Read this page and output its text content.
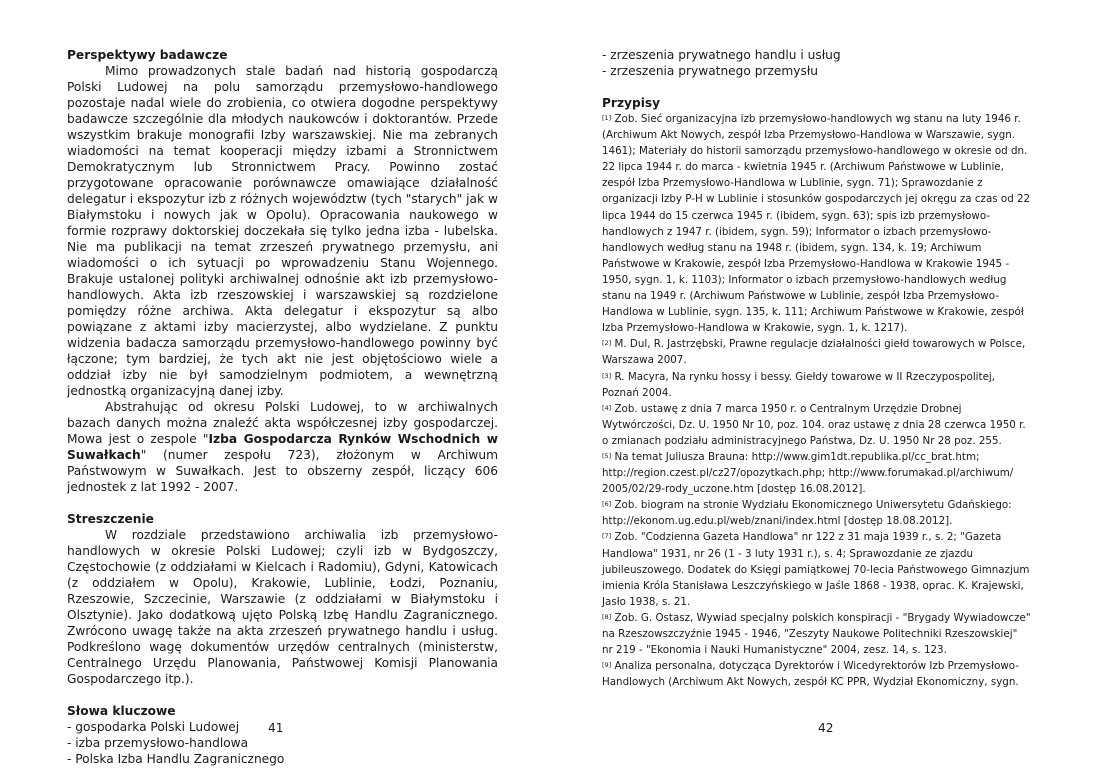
Perspektywy badawcze

Mimo prowadzonych stale badań nad historią gospodarczą Polski Ludowej na polu samorządu przemysłowo-handlowego pozostaje nadal wiele do zrobienia, co otwiera dogodne perspektywy badawcze szczególnie dla młodych naukowców i doktorantów. Przede wszystkim brakuje monografii Izby warszawskiej. Nie ma zebranych wiadomości na temat kooperacji między izbami a Stronnictwem Demokratycznym lub Stronnictwem Pracy. Powinno zostać przygotowane opracowanie porównawcze omawiające działalność delegatur i ekspozytur izb z różnych województw (tych "starych" jak w Białymstoku i nowych jak w Opolu). Opracowania naukowego w formie rozprawy doktorskiej doczekała się tylko jedna izba - lubelska. Nie ma publikacji na temat zrzeszeń prywatnego przemysłu, ani wiadomości o ich sytuacji po wprowadzeniu Stanu Wojennego. Brakuje ustalonej polityki archiwalnej odnośnie akt izb przemysłowo-handlowych. Akta izb rzeszowskiej i warszawskiej są rozdzielone pomiędzy różne archiwa. Akta delegatur i ekspozytur są albo powiązane z aktami izby macierzystej, albo wydzielane. Z punktu widzenia badacza samorządu przemysłowo-handlowego powinny być łączone; tym bardziej, że tych akt nie jest objętościowo wiele a oddział izby nie był samodzielnym podmiotem, a wewnętrzną jednostką organizacyjną danej izby.

Abstrahując od okresu Polski Ludowej, to w archiwalnych bazach danych można znaleźć akta współczesnej izby gospodarczej. Mowa jest o zespole "Izba Gospodarcza Rynków Wschodnich w Suwałkach" (numer zespołu 723), złożonym w Archiwum Państwowym w Suwałkach. Jest to obszerny zespół, liczący 606 jednostek z lat 1992 - 2007.

Streszczenie

W rozdziale przedstawiono archiwalia izb przemysłowo-handlowych w okresie Polski Ludowej; czyli izb w Bydgoszczy, Częstochowie (z oddziałami w Kielcach i Radomiu), Gdyni, Katowicach (z oddziałem w Opolu), Krakowie, Lublinie, Łodzi, Poznaniu, Rzeszowie, Szczecinie, Warszawie (z oddziałami w Białymstoku i Olsztynie). Jako dodatkową ujęto Polską Izbę Handlu Zagranicznego. Zwrócono uwagę także na akta zrzeszeń prywatnego handlu i usług. Podkreślono wagę dokumentów urzędów centralnych (ministerstw, Centralnego Urzędu Planowania, Państwowej Komisji Planowania Gospodarczego itp.).

Słowa kluczowe

- gospodarka Polski Ludowej
- izba przemysłowo-handlowa
- Polska Izba Handlu Zagranicznego
41
- zrzeszenia prywatnego handlu i usług
- zrzeszenia prywatnego przemysłu

Przypisy

[1] Zob. Sieć organizacyjna izb przemysłowo-handlowych wg stanu na luty 1946 r. (Archiwum Akt Nowych, zespół Izba Przemysłowo-Handlowa w Warszawie, sygn. 1461); Materiały do historii samorządu przemysłowo-handlowego w okresie od dn. 22 lipca 1944 r. do marca - kwietnia 1945 r. (Archiwum Państwowe w Lublinie, zespół Izba Przemysłowo-Handlowa w Lublinie, sygn. 71); Sprawozdanie z organizacji Izby P-H w Lublinie i stosunków gospodarczych jej okręgu za czas od 22 lipca 1944 do 15 czerwca 1945 r. (ibidem, sygn. 63); spis izb przemysłowo-handlowych z 1947 r. (ibidem, sygn. 59); Informator o izbach przemysłowo-handlowych według stanu na 1948 r. (ibidem, sygn. 134, k. 19; Archiwum Państwowe w Krakowie, zespół Izba Przemysłowo-Handlowa w Krakowie 1945 - 1950, sygn. 1, k. 1103); Informator o izbach przemysłowo-handlowych według stanu na 1949 r. (Archiwum Państwowe w Lublinie, zespół Izba Przemysłowo-Handlowa w Lublinie, sygn. 135, k. 111; Archiwum Państwowe w Krakowie, zespół Izba Przemysłowo-Handlowa w Krakowie, sygn. 1, k. 1217).

[2] M. Dul, R. Jastrzębski, Prawne regulacje działalności giełd towarowych w Polsce, Warszawa 2007.

[3] R. Macyra, Na rynku hossy i bessy. Giełdy towarowe w II Rzeczypospolitej, Poznań 2004.

[4] Zob. ustawę z dnia 7 marca 1950 r. o Centralnym Urzędzie Drobnej Wytwórczości, Dz. U. 1950 Nr 10, poz. 104. oraz ustawę z dnia 28 czerwca 1950 r. o zmianach podziału administracyjnego Państwa, Dz. U. 1950 Nr 28 poz. 255.

[5] Na temat Juliusza Brauna: http://www.gim1dt.republika.pl/cc_brat.htm; http://region.czest.pl/cz27/opozytkach.php; http://www.forumakad.pl/archiwum/ 2005/02/29-rody_uczone.htm [dostęp 16.08.2012].

[6] Zob. biogram na stronie Wydziału Ekonomicznego Uniwersytetu Gdańskiego: http://ekonom.ug.edu.pl/web/znani/index.html [dostęp 18.08.2012].

[7] Zob. "Codzienna Gazeta Handlowa" nr 122 z 31 maja 1939 r., s. 2; "Gazeta Handlowa" 1931, nr 26 (1 - 3 luty 1931 r.), s. 4; Sprawozdanie ze zjazdu jubileuszowego. Dodatek do Księgi pamiątkowej 70-lecia Państwowego Gimnazjum imienia Króla Stanisława Leszczyńskiego w Jaśle 1868 - 1938, oprac. K. Krajewski, Jasło 1938, s. 21.

[8] Zob. G. Ostasz, Wywiad specjalny polskich konspiracji - "Brygady Wywiadowcze" na Rzeszowszczyźnie 1945 - 1946, "Zeszyty Naukowe Politechniki Rzeszowskiej" nr 219 - "Ekonomia i Nauki Humanistyczne" 2004, zesz. 14, s. 123.

[9] Analiza personalna, dotycząca Dyrektorów i Wicedyrektorów Izb Przemysłowo-Handlowych (Archiwum Akt Nowych, zespół KC PPR, Wydział Ekonomiczny, sygn.

42
